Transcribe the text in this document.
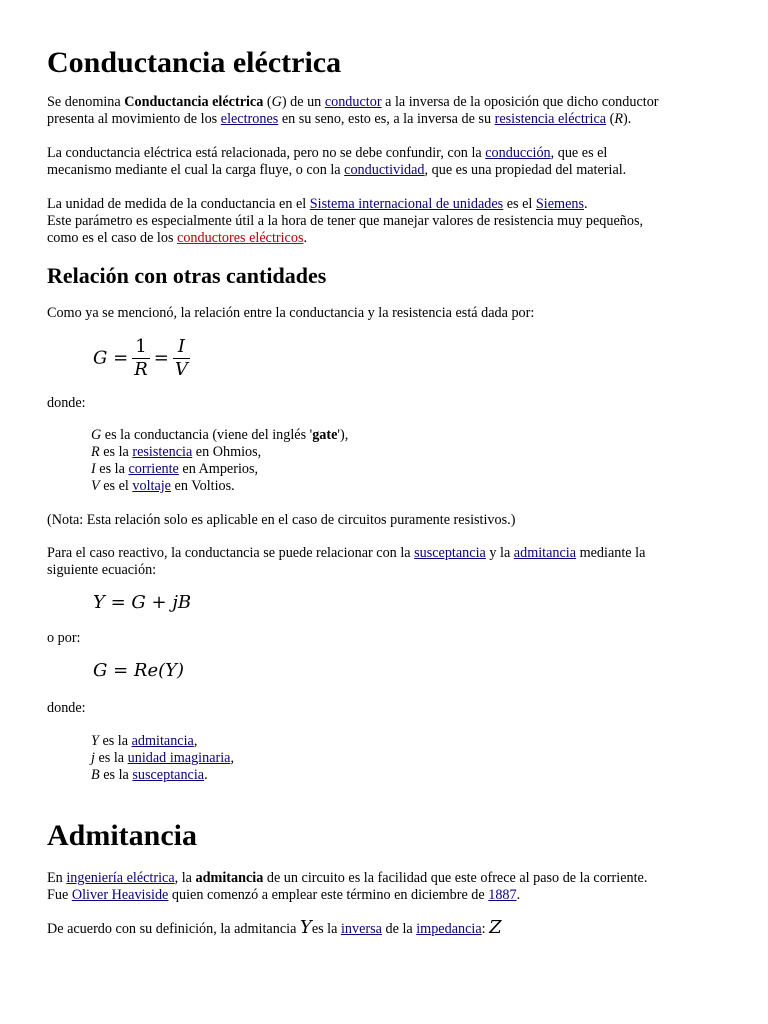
Conductancia eléctrica
Se denomina Conductancia eléctrica (G) de un conductor a la inversa de la oposición que dicho conductor
presenta al movimiento de los electrones en su seno, esto es, a la inversa de su resistencia eléctrica (R).
La conductancia eléctrica está relacionada, pero no se debe confundir, con la conducción, que es el
mecanismo mediante el cual la carga fluye, o con la conductividad, que es una propiedad del material.
La unidad de medida de la conductancia en el Sistema internacional de unidades es el Siemens.
Este parámetro es especialmente útil a la hora de tener que manejar valores de resistencia muy pequeños,
como es el caso de los conductores eléctricos.
Relación con otras cantidades
Como ya se mencionó, la relación entre la conductancia y la resistencia está dada por:
$G = \frac{1}{R} = \frac{I}{V}$
donde:
G es la conductancia (viene del inglés 'gate'),
R es la resistencia en Ohmios,
I es la corriente en Amperios,
V es el voltaje en Voltios.
(Nota: Esta relación solo es aplicable en el caso de circuitos puramente resistivos.)
Para el caso reactivo, la conductancia se puede relacionar con la susceptancia y la admitancia mediante la
siguiente ecuación:
Y = G + jB
o por:
G = Re(Y)
donde:
Y es la admitancia,
j es la unidad imaginaria,
B es la susceptancia.
Admitancia
En ingeniería eléctrica, la admitancia de un circuito es la facilidad que este ofrece al paso de la corriente.
Fue Oliver Heaviside quien comenzó a emplear este término en diciembre de 1887.
De acuerdo con su definición, la admitancia Yes la inversa de la impedancia: Z
